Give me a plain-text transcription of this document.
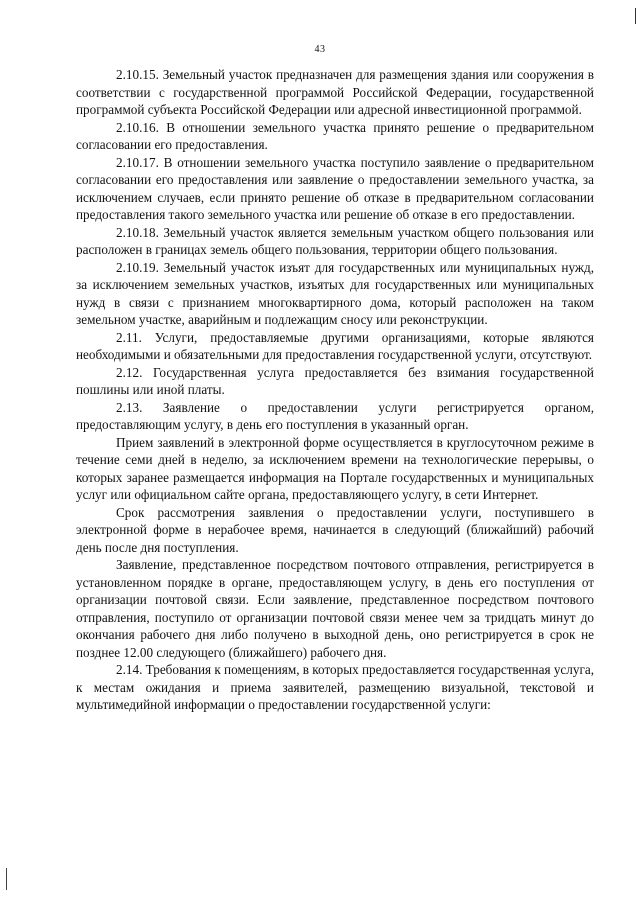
43

2.10.15. Земельный участок предназначен для размещения здания или сооружения в соответствии с государственной программой Российской Федерации, государственной программой субъекта Российской Федерации или адресной инвестиционной программой.

2.10.16. В отношении земельного участка принято решение о предварительном согласовании его предоставления.

2.10.17. В отношении земельного участка поступило заявление о предварительном согласовании его предоставления или заявление о предоставлении земельного участка, за исключением случаев, если принято решение об отказе в предварительном согласовании предоставления такого земельного участка или решение об отказе в его предоставлении.

2.10.18. Земельный участок является земельным участком общего пользования или расположен в границах земель общего пользования, территории общего пользования.

2.10.19. Земельный участок изъят для государственных или муниципальных нужд, за исключением земельных участков, изъятых для государственных или муниципальных нужд в связи с признанием многоквартирного дома, который расположен на таком земельном участке, аварийным и подлежащим сносу или реконструкции.

2.11. Услуги, предоставляемые другими организациями, которые являются необходимыми и обязательными для предоставления государственной услуги, отсутствуют.

2.12. Государственная услуга предоставляется без взимания государственной пошлины или иной платы.

2.13. Заявление о предоставлении услуги регистрируется органом, предоставляющим услугу, в день его поступления в указанный орган.

Прием заявлений в электронной форме осуществляется в круглосуточном режиме в течение семи дней в неделю, за исключением времени на технологические перерывы, о которых заранее размещается информация на Портале государственных и муниципальных услуг или официальном сайте органа, предоставляющего услугу, в сети Интернет.

Срок рассмотрения заявления о предоставлении услуги, поступившего в электронной форме в нерабочее время, начинается в следующий (ближайший) рабочий день после дня поступления.

Заявление, представленное посредством почтового отправления, регистрируется в установленном порядке в органе, предоставляющем услугу, в день его поступления от организации почтовой связи. Если заявление, представленное посредством почтового отправления, поступило от организации почтовой связи менее чем за тридцать минут до окончания рабочего дня либо получено в выходной день, оно регистрируется в срок не позднее 12.00 следующего (ближайшего) рабочего дня.

2.14. Требования к помещениям, в которых предоставляется государственная услуга, к местам ожидания и приема заявителей, размещению визуальной, текстовой и мультимедийной информации о предоставлении государственной услуги:
